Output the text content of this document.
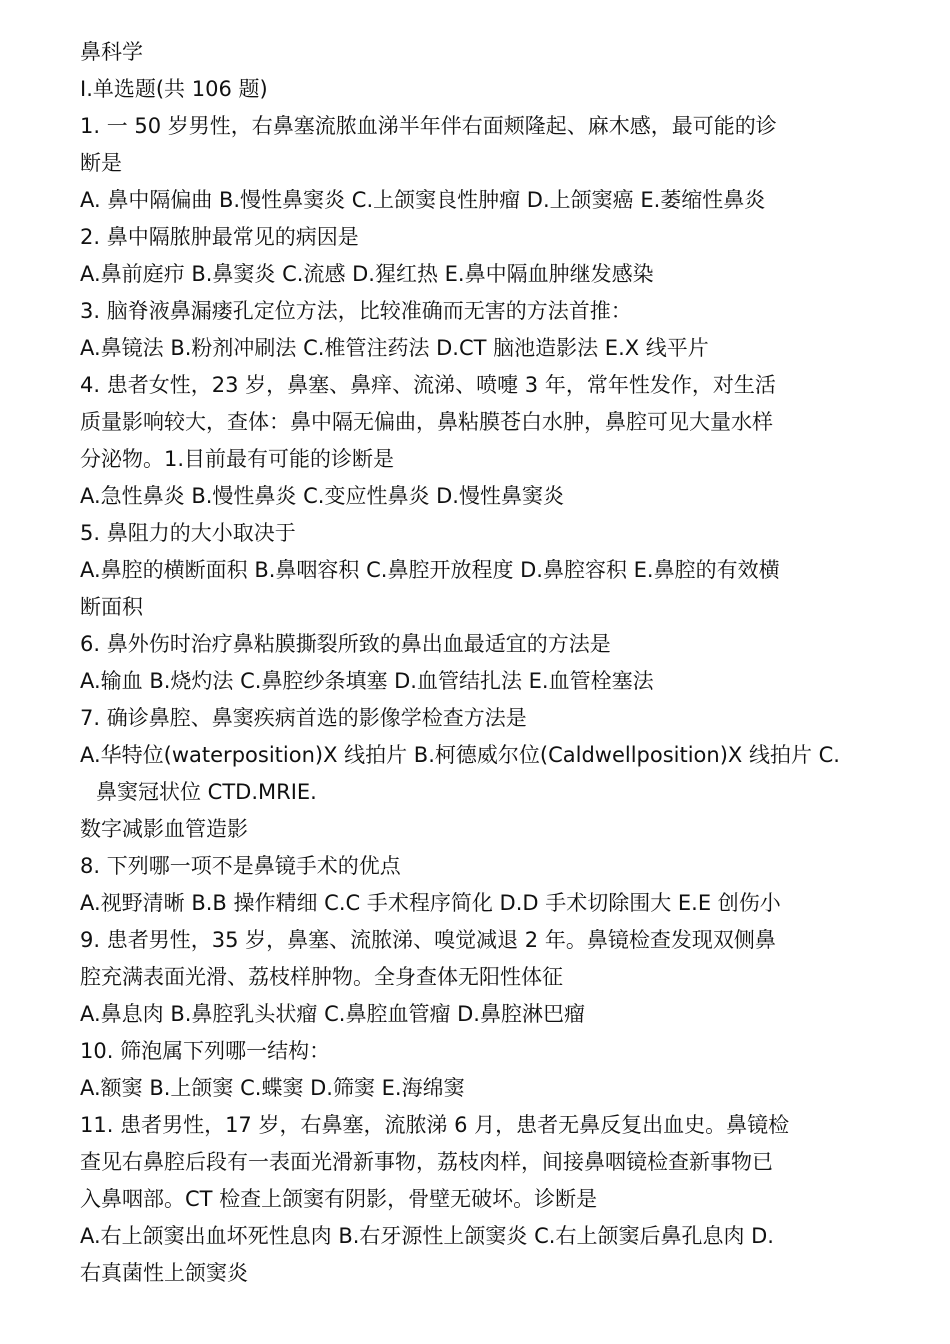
鼻科学

I.单选题(共 106 题)

1. 一 50 岁男性，右鼻塞流脓血涕半年伴右面颊隆起、麻木感，最可能的诊

断是

A. 鼻中隔偏曲 B.慢性鼻窦炎 C.上颌窦良性肿瘤 D.上颌窦癌 E.萎缩性鼻炎

2. 鼻中隔脓肿最常见的病因是

A.鼻前庭疖 B.鼻窦炎 C.流感 D.猩红热 E.鼻中隔血肿继发感染

3. 脑脊液鼻漏瘘孔定位方法，比较准确而无害的方法首推：

A.鼻镜法 B.粉剂冲刷法 C.椎管注药法 D.CT 脑池造影法 E.X 线平片

4. 患者女性，23 岁，鼻塞、鼻痒、流涕、喷嚏 3 年，常年性发作，对生活

质量影响较大，查体：鼻中隔无偏曲，鼻粘膜苍白水肿，鼻腔可见大量水样

分泌物。1.目前最有可能的诊断是

A.急性鼻炎 B.慢性鼻炎 C.变应性鼻炎 D.慢性鼻窦炎

5. 鼻阻力的大小取决于

A.鼻腔的横断面积 B.鼻咽容积 C.鼻腔开放程度 D.鼻腔容积 E.鼻腔的有效横

断面积

6. 鼻外伤时治疗鼻粘膜撕裂所致的鼻出血最适宜的方法是

A.输血 B.烧灼法 C.鼻腔纱条填塞 D.血管结扎法 E.血管栓塞法

7. 确诊鼻腔、鼻窦疾病首选的影像学检查方法是

A.华特位(waterposition)X 线拍片 B.柯德威尔位(Caldwellposition)X 线拍片 C.

鼻窦冠状位 CTD.MRIE.

数字减影血管造影

8. 下列哪一项不是鼻镜手术的优点

A.视野清晰 B.B 操作精细 C.C 手术程序简化 D.D 手术切除围大 E.E 创伤小

9. 患者男性，35 岁，鼻塞、流脓涕、嗅觉减退 2 年。鼻镜检查发现双侧鼻

腔充满表面光滑、荔枝样肿物。全身查体无阳性体征

A.鼻息肉 B.鼻腔乳头状瘤 C.鼻腔血管瘤 D.鼻腔淋巴瘤

10. 筛泡属下列哪一结构：

A.额窦 B.上颌窦 C.蝶窦 D.筛窦 E.海绵窦

11. 患者男性，17 岁，右鼻塞，流脓涕 6 月，患者无鼻反复出血史。鼻镜检

查见右鼻腔后段有一表面光滑新事物，荔枝肉样，间接鼻咽镜检查新事物已

入鼻咽部。CT 检查上颌窦有阴影，骨壁无破坏。诊断是

A.右上颌窦出血坏死性息肉 B.右牙源性上颌窦炎 C.右上颌窦后鼻孔息肉 D.

右真菌性上颌窦炎
